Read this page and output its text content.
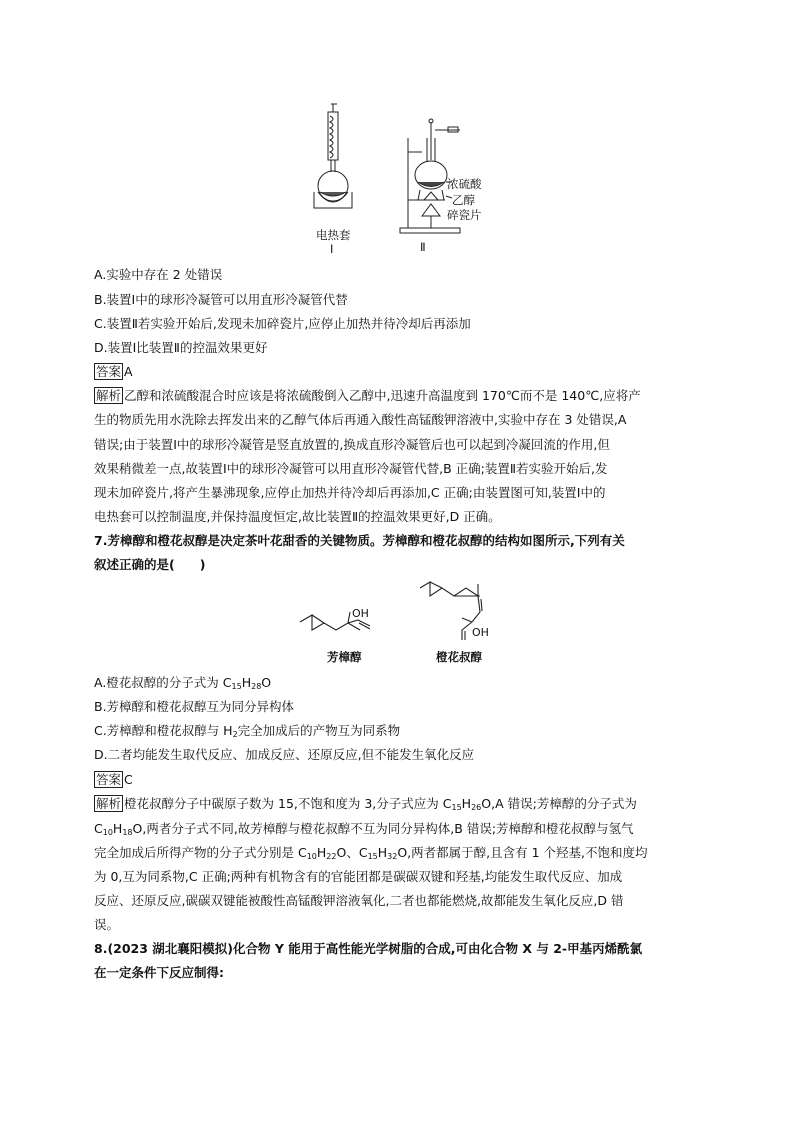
电热套
Ⅰ	Ⅱ
浓硫酸
乙醇
碎瓷片
A.实验中存在 2 处错误
B.装置Ⅰ中的球形冷凝管可以用直形冷凝管代替
C.装置Ⅱ若实验开始后,发现未加碎瓷片,应停止加热并待冷却后再添加
D.装置Ⅰ比装置Ⅱ的控温效果更好
答案 A
解析 乙醇和浓硫酸混合时应该是将浓硫酸倒入乙醇中,迅速升高温度到 170℃而不是 140℃,应将产
生的物质先用水洗除去挥发出来的乙醇气体后再通入酸性高锰酸钾溶液中,实验中存在 3 处错误,A
错误;由于装置Ⅰ中的球形冷凝管是竖直放置的,换成直形冷凝管后也可以起到冷凝回流的作用,但
效果稍微差一点,故装置Ⅰ中的球形冷凝管可以用直形冷凝管代替,B 正确;装置Ⅱ若实验开始后,发
现未加碎瓷片,将产生暴沸现象,应停止加热并待冷却后再添加,C 正确;由装置图可知,装置Ⅰ中的
电热套可以控制温度,并保持温度恒定,故比装置Ⅱ的控温效果更好,D 正确。
7.芳樟醇和橙花叔醇是决定茶叶花甜香的关键物质。芳樟醇和橙花叔醇的结构如图所示,下列有关
叙述正确的是(　　)
OH
芳樟醇
OH
橙花叔醇
A.橙花叔醇的分子式为 $C_{15}H_{28}O$
B.芳樟醇和橙花叔醇互为同分异构体
C.芳樟醇和橙花叔醇与 $H_2$完全加成后的产物互为同系物
D.二者均能发生取代反应、加成反应、还原反应,但不能发生氧化反应
答案 C
解析 橙花叔醇分子中碳原子数为 15,不饱和度为 3,分子式应为 $C_{15}H_{26}O,A$ 错误;芳樟醇的分子式为
$C_{10}H_{18}O$,两者分子式不同,故芳樟醇与橙花叔醇不互为同分异构体,B 错误;芳樟醇和橙花叔醇与氢气
完全加成后所得产物的分子式分别是 $C_{10}H_{22}O$、$C_{15}H_{32}O$,两者都属于醇,且含有 1 个羟基,不饱和度均
为 0,互为同系物,C 正确;两种有机物含有的官能团都是碳碳双键和羟基,均能发生取代反应、加成
反应、还原反应,碳碳双键能被酸性高锰酸钾溶液氧化,二者也都能燃烧,故都能发生氧化反应,D 错
误。
8.(2023 湖北襄阳模拟)化合物 Y 能用于高性能光学树脂的合成,可由化合物 X 与 2-甲基丙烯酰氯
在一定条件下反应制得:
